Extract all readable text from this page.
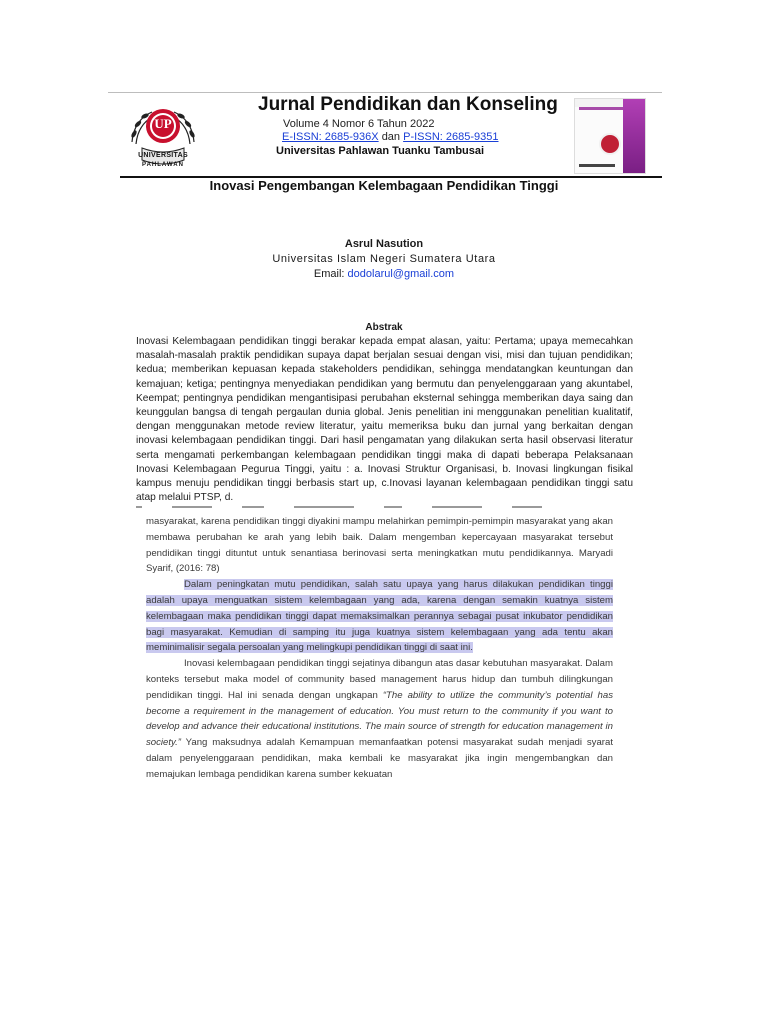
UP
UNIVERSITAS
PAHLAWAN
Jurnal Pendidikan dan Konseling
Volume 4 Nomor 6 Tahun 2022
E-ISSN: 2685-936X dan P-ISSN: 2685-9351
Universitas Pahlawan Tuanku Tambusai
Inovasi Pengembangan Kelembagaan Pendidikan Tinggi
Asrul Nasution
Universitas Islam Negeri Sumatera Utara
Email: dodolarul@gmail.com
Abstrak

Inovasi Kelembagaan pendidikan tinggi berakar kepada empat alasan, yaitu: Pertama; upaya memecahkan masalah-masalah praktik pendidikan supaya dapat berjalan sesuai dengan visi, misi dan tujuan pendidikan; kedua; memberikan kepuasan kepada stakeholders pendidikan, sehingga mendatangkan keuntungan dan kemajuan; ketiga; pentingnya menyediakan pendidikan yang bermutu dan penyelenggaraan yang akuntabel, Keempat; pentingnya pendidikan mengantisipasi perubahan eksternal sehingga memberikan daya saing dan keunggulan bangsa di tengah pergaulan dunia global. Jenis penelitian ini menggunakan penelitian kualitatif, dengan menggunakan metode review literatur, yaitu memeriksa buku dan jurnal yang berkaitan dengan inovasi kelembagaan pendidikan tinggi. Dari hasil pengamatan yang dilakukan serta hasil observasi literatur serta mengamati perkembangan kelembagaan pendidikan tinggi maka di dapati beberapa Pelaksanaan Inovasi Kelembagaan Pegurua Tinggi, yaitu : a. Inovasi Struktur Organisasi, b. Inovasi lingkungan fisikal kampus menuju pendidikan tinggi berbasis start up, c.Inovasi layanan kelembagaan pendidikan tinggi satu atap melalui PTSP, d.

masyarakat, karena pendidikan tinggi diyakini mampu melahirkan pemimpin-pemimpin masyarakat yang akan membawa perubahan ke arah yang lebih baik. Dalam mengemban kepercayaan masyarakat tersebut pendidikan tinggi dituntut untuk senantiasa berinovasi serta meningkatkan mutu pendidikannya. Maryadi Syarif, (2016: 78)

Dalam peningkatan mutu pendidikan, salah satu upaya yang harus dilakukan pendidikan tinggi adalah upaya menguatkan sistem kelembagaan yang ada, karena dengan semakin kuatnya sistem kelembagaan maka pendidikan tinggi dapat memaksimalkan perannya sebagai pusat inkubator pendidikan bagi masyarakat. Kemudian di samping itu juga kuatnya sistem kelembagaan yang ada tentu akan meminimalisir segala persoalan yang melingkupi pendidikan tinggi di saat ini.

Inovasi kelembagaan pendidikan tinggi sejatinya dibangun atas dasar kebutuhan masyarakat. Dalam konteks tersebut maka model of community based management harus hidup dan tumbuh dilingkungan pendidikan tinggi. Hal ini senada dengan ungkapan “The ability to utilize the community’s potential has become a requirement in the management of education. You must return to the community if you want to develop and advance their educational institutions. The main source of strength for education management in society.” Yang maksudnya adalah Kemampuan memanfaatkan potensi masyarakat sudah menjadi syarat dalam penyelenggaraan pendidikan, maka kembali ke masyarakat jika ingin mengembangkan dan memajukan lembaga pendidikan karena sumber kekuatan
